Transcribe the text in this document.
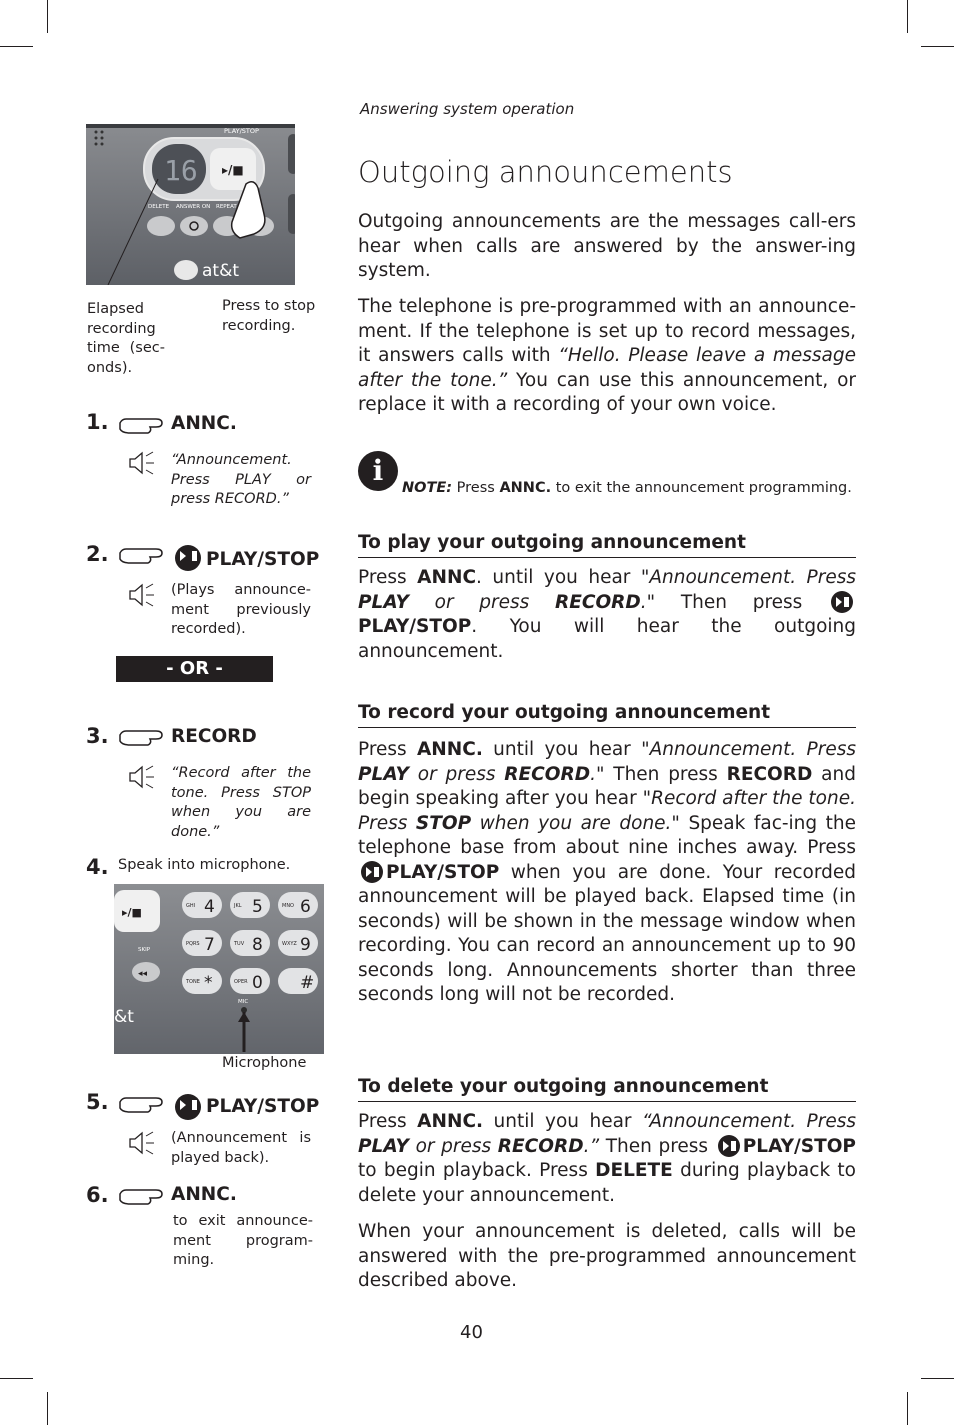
Answering system operation
Outgoing announcements
Outgoing announcements are the messages call-ers hear when calls are answered by the answer-ing system.
The telephone is pre-programmed with an announce-ment. If the telephone is set up to record messages, it answers calls with “Hello. Please leave a message after the tone.” You can use this announcement, or replace it with a recording of your own voice.
i
NOTE: Press ANNC. to exit the announcement programming.
To play your outgoing announcement
Press ANNC. until you hear "Announcement. Press PLAY or press RECORD." Then press PLAY/STOP. You will hear the outgoing announcement.
To record your outgoing announcement
Press ANNC. until you hear "Announcement. Press PLAY or press RECORD." Then press RECORD and begin speaking after you hear "Record after the tone. Press STOP when you are done." Speak fac-ing the telephone base from about nine inches away. Press PLAY/STOP when you are done. Your recorded announcement will be played back. Elapsed time (in seconds) will be shown in the message window when recording. You can record an announcement up to 90 seconds long. Announcements shorter than three seconds long will not be recorded.
To delete your outgoing announcement
Press ANNC. until you hear “Announcement. Press PLAY or press RECORD.” Then press PLAY/STOP to begin playback. Press DELETE during playback to delete your announcement.
When your announcement is deleted, calls will be answered with the pre-programmed announcement described above.
16 ▸/■
PLAY/STOP
DELETE ANSWER ON REPEAT
at&t
Elapsed recording time (sec-onds).
Press to stop recording.
1.	ANNC.
“Announcement. Press PLAY or press RECORD.”
2.	PLAY/STOP
(Plays announce-ment previously recorded).
- OR -
3.	RECORD
“Record after the tone. Press STOP when you are done.”
4. Speak into microphone.
▸/■
SKIP
◂◂
GHI 4	JKL 5	MNO 6
PQRS 7	TUV 8	WXYZ 9
TONE *	OPER 0 #
MIC
&t
Microphone
5.	PLAY/STOP
(Announcement is played back).
6.	ANNC.
to exit announce-ment program-ming.
40
